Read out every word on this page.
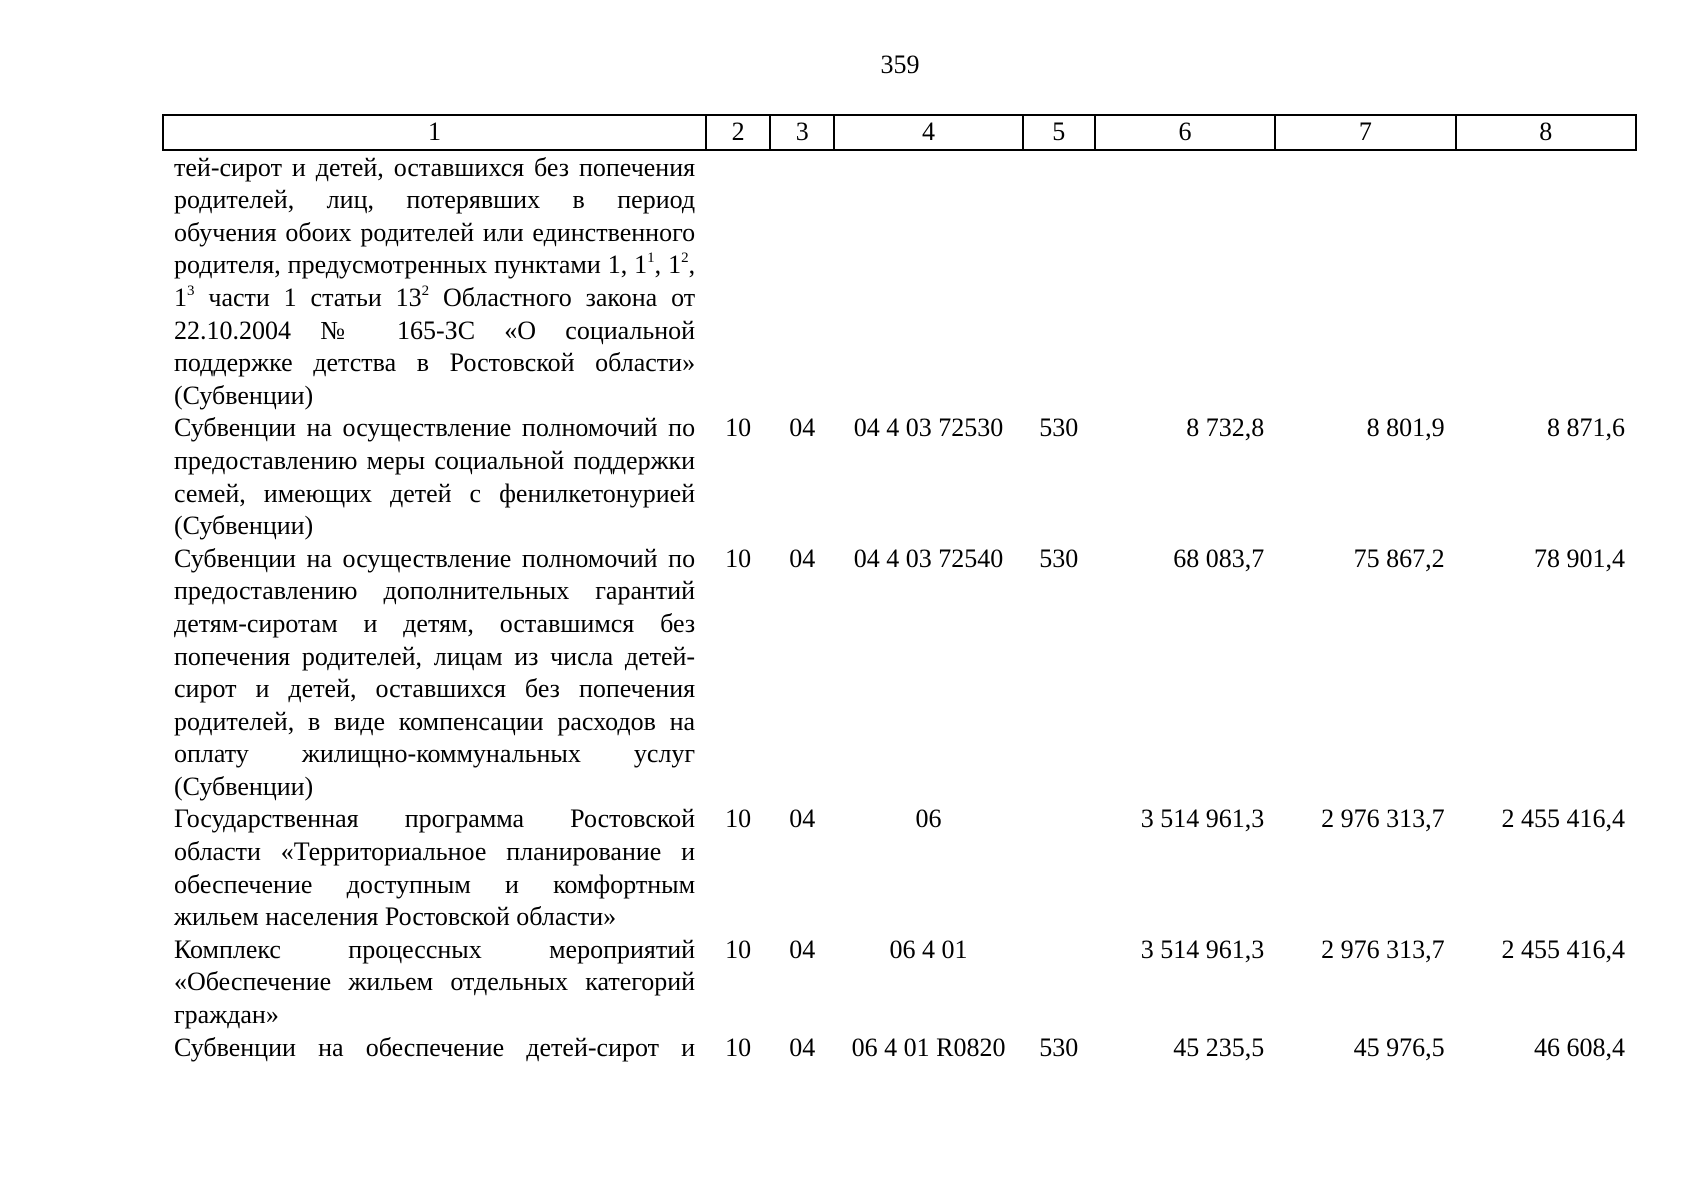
359
1	2	3	4	5	6	7	8
тей-сирот и детей, оставшихся без попечения родителей, лиц, потерявших в период обучения обоих родителей или единственного родителя, предусмотренных пунктами 1, $1^1$, $1^2$, $1^3$ части 1 статьи $13^2$ Областного закона от 22.10.2004 № 165-ЗС «О социальной поддержке детства в Ростовской области» (Субвенции)							
Субвенции на осуществление полномочий по предоставлению меры социальной поддержки семей, имеющих детей с фенилкетонурией (Субвенции)	10	04	04 4 03 72530	530	8 732,8	8 801,9	8 871,6
Субвенции на осуществление полномочий по предоставлению дополнительных гарантий детям-сиротам и детям, оставшимся без попечения родителей, лицам из числа детей-сирот и детей, оставшихся без попечения родителей, в виде компенсации расходов на оплату жилищно-коммунальных услуг (Субвенции)	10	04	04 4 03 72540	530	68 083,7	75 867,2	78 901,4
Государственная программа Ростовской области «Территориальное планирование и обеспечение доступным и комфортным жильем населения Ростовской области»	10	04	06		3 514 961,3	2 976 313,7	2 455 416,4
Комплекс процессных мероприятий «Обеспечение жильем отдельных категорий граждан»	10	04	06 4 01		3 514 961,3	2 976 313,7	2 455 416,4
Субвенции на обеспечение детей-сирот и	10	04	06 4 01 R0820	530	45 235,5	45 976,5	46 608,4
